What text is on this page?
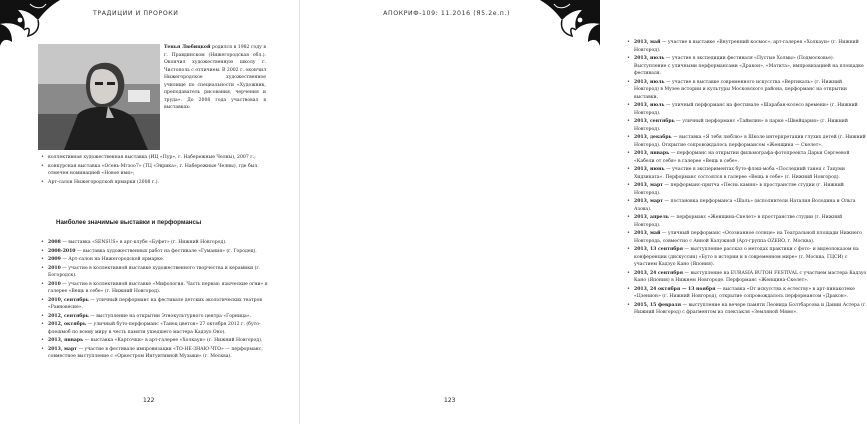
ТРАДИЦИИ И ПРОРОКИ
Тенья Любицкой родился в 1982 году в г. Правдинском (Нижегородская обл.). Окончил художественную школу г. Чистополь с отличием. В 2002 г. окончил Нижегородское художественное училище по специальности «Художник, преподаватель рисования, черчения и труда». До 2008 года участвовал в выставках:
• коллективная художественная выставка (ИЦ «Пур», г. Набережные Челны), 2007 г.;
• конкурсная выставка «Осень-Мгзоо7» (ТЦ «Эврика», г. Набережные Челны), где был отмечен номинацией «Новое имя»;
• Арт-салон Нижегородской ярмарки (2008 г.).
Наиболее значимые выставки и перформансы
• 2008 — выставка «SENSUS» в арт-клубе «Буфет» (г. Нижний Новгород).
• 2008-2010 — выставка художественных работ на фестивале «Гумания» (г. Городец).
• 2009 — Арт-салон на Нижегородской ярмарке.
• 2010 — участие в коллективной выставке художественного творчества и керамики (г. Богородск).
• 2010 — участие в коллективной выставке «Мифология. Часть первая: языческие огни» в галерее «Вещь в себе» (г. Нижний Новгород).
• 2010, сентябрь — уличный перформанс на фестивале детских экологических театров «Равновесие».
• 2012, сентябрь — выступление на открытии Этнокультурного центра «Горница».
• 2012, октябрь — уличный буто-перформанс «Танец цветов» 27 октября 2012 г. (буто-флешмоб по всему миру в честь памяти ушедшего мастера Кадзуо Оно).
• 2013, январь — выставка «Карточки» в арт-галерее «Холкаун» (г. Нижний Новгород).
• 2013, март — участие в фестивале импровизации «ТО-НЕ-ЗНАЮ-ЧТО» — перформанс, совместное выступление с «Оркестром Интуитивной Музыки» (г. Москва).
122
АПОКРИФ-109: 11.2016 (Я5.2е.п.)
• 2013, май — участие в выставке «Внутренний космос», арт-галерея «Холкаун» (г. Нижний Новгород).
• 2013, июль — участие в экспедиции фестиваля «Пустые Холмы» (Подмосковье). Выступление с уличными перформансами «Дракон», «Матита», импровизацией на площадке фестиваля.
• 2013, июль — участие в выставке современного искусства «Вертикаль» (г. Нижний Новгород) в Музее истории и культуры Московского района, перформанс на открытии выставки.
• 2013, июль — уличный перформанс на фестивале «Шарабан-колесо времени» (г. Нижний Новгород).
• 2013, сентябрь — уличный перформанс «Таймлин» в парке «Швейцария» (г. Нижний Новгород).
• 2013, декабрь — выставка «Я тебя люблю» в Школе интерпретации глухих детей (г. Нижний Новгород). Открытие сопровождалось перформансом «Женщина — Скелет».
• 2013, январь — перформанс на открытии фильмографа-фотопроекта Дарьи Сергеевой «Кабели от себя» в галерее «Вещь в себе».
• 2013, июнь — участие в экспериментах буто-флэш-моба «Последний танец с Тацуми Хидзиката». Перформанс состоялся в галерее «Вещь в себе» (г. Нижний Новгород).
• 2013, март — перформанс-притча «Песнь камня» в пространстве студии (г. Нижний Новгород).
• 2013, март — постановка перформанса «Шаль» (исполнители Наталия Володина и Ольга Азова).
• 2013, апрель — перформанс «Женщина-Скелет» в пространстве студии (г. Нижний Новгород).
• 2013, май — уличный перформанс «Осознанное солнце» на Театральной площади Нижнего Новгорода, совместно с Анной Калужной (Арт-группа OZERO, г. Москва).
• 2013, 13 сентября — выступление рассказ о методах практики с фото- и видеопоказом на конференции (дискуссии) «Буто в истории и в современном мире» (г. Москва, ГЦСИ) с участием Кадзуо Кано (Япония).
• 2013, 24 сентября — выступление на EURASIA BUTOH FESTIVAL с участием мастера Кадзуо Кано (Япония) в Нижнем Новгороде. Перформанс «Женщина-Скелет».
• 2013, 24 октября — 13 ноября — выставка «От искусства к естеству» в арт-пинакотеке «Цзенион» (г. Нижний Новгород), открытие сопровождалось перформансом «Дракон».
• 2015, 15 февраля — выступление на вечере памяти Леонида Болтбарсова и Дании Астера (г. Нижний Новгород) с фрагментом из спектакля «Земляной Мямо».
123
